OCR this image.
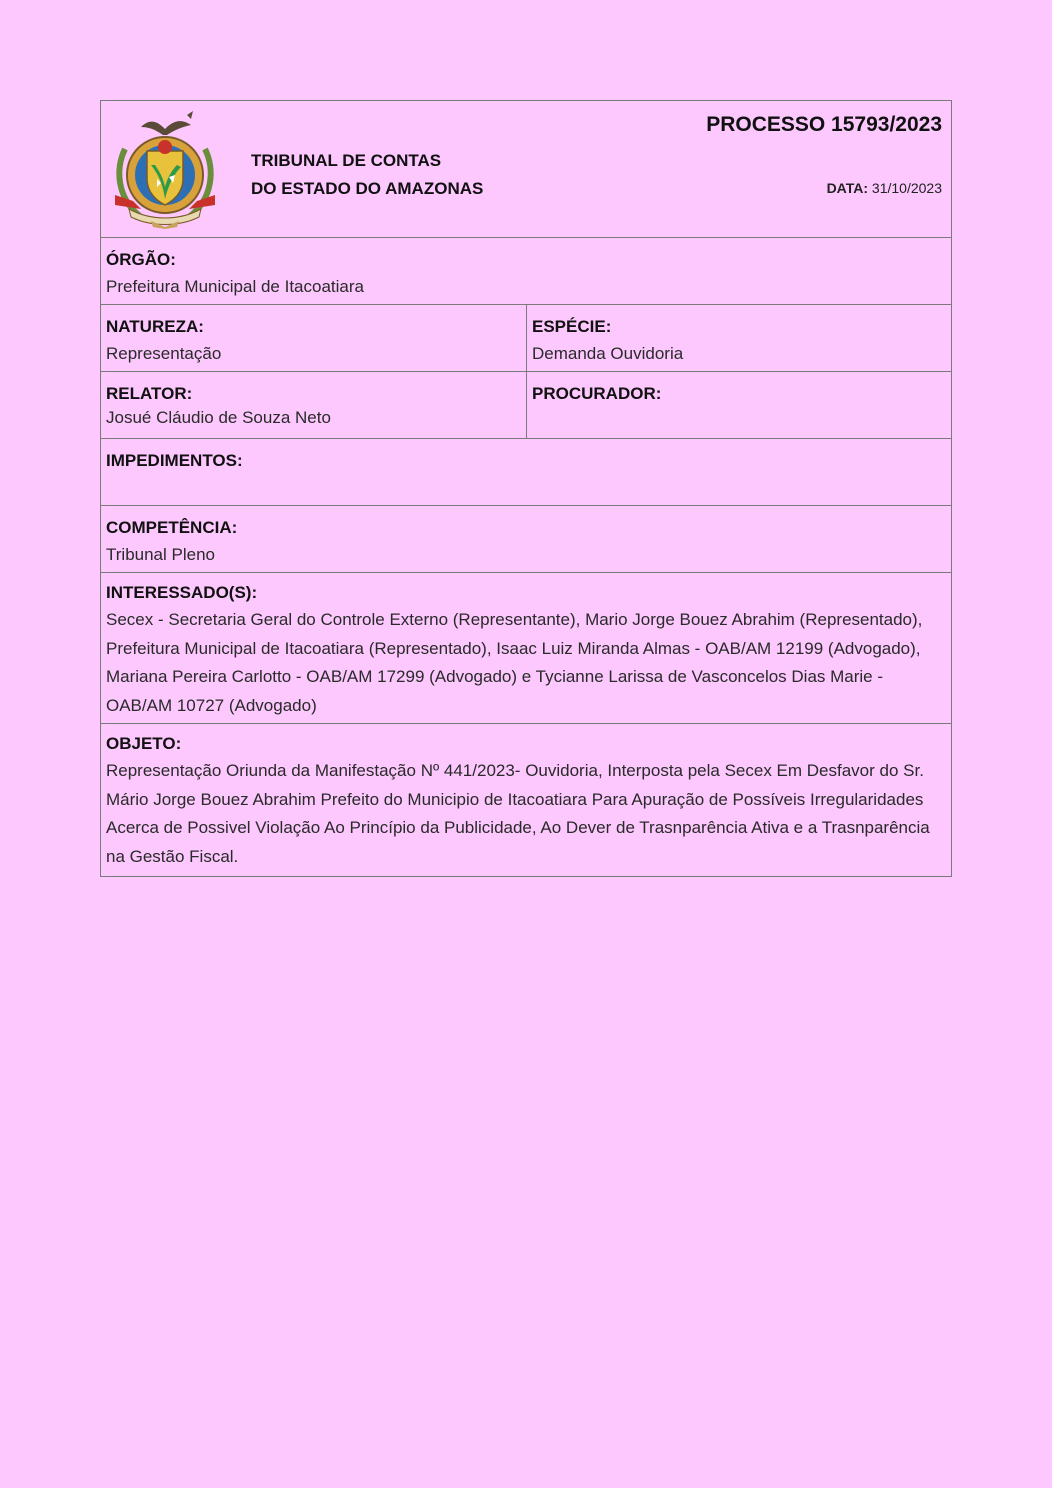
TRIBUNAL DE CONTAS
DO ESTADO DO AMAZONAS
PROCESSO 15793/2023
DATA: 31/10/2023
ÓRGÃO:
Prefeitura Municipal de Itacoatiara
NATUREZA:
Representação
ESPÉCIE:
Demanda Ouvidoria
RELATOR:
Josué Cláudio de Souza Neto
PROCURADOR:
IMPEDIMENTOS:
COMPETÊNCIA:
Tribunal Pleno
INTERESSADO(S):
Secex - Secretaria Geral do Controle Externo (Representante), Mario Jorge Bouez Abrahim (Representado), Prefeitura Municipal de Itacoatiara (Representado), Isaac Luiz Miranda Almas - OAB/AM 12199 (Advogado), Mariana Pereira Carlotto - OAB/AM 17299 (Advogado) e Tycianne Larissa de Vasconcelos Dias Marie - OAB/AM 10727 (Advogado)
OBJETO:
Representação Oriunda da Manifestação Nº 441/2023- Ouvidoria, Interposta pela Secex Em Desfavor do Sr. Mário Jorge Bouez Abrahim Prefeito do Municipio de Itacoatiara Para Apuração de Possíveis Irregularidades Acerca de Possivel Violação Ao Princípio da Publicidade, Ao Dever de Trasnparência Ativa e a Trasnparência na Gestão Fiscal.
